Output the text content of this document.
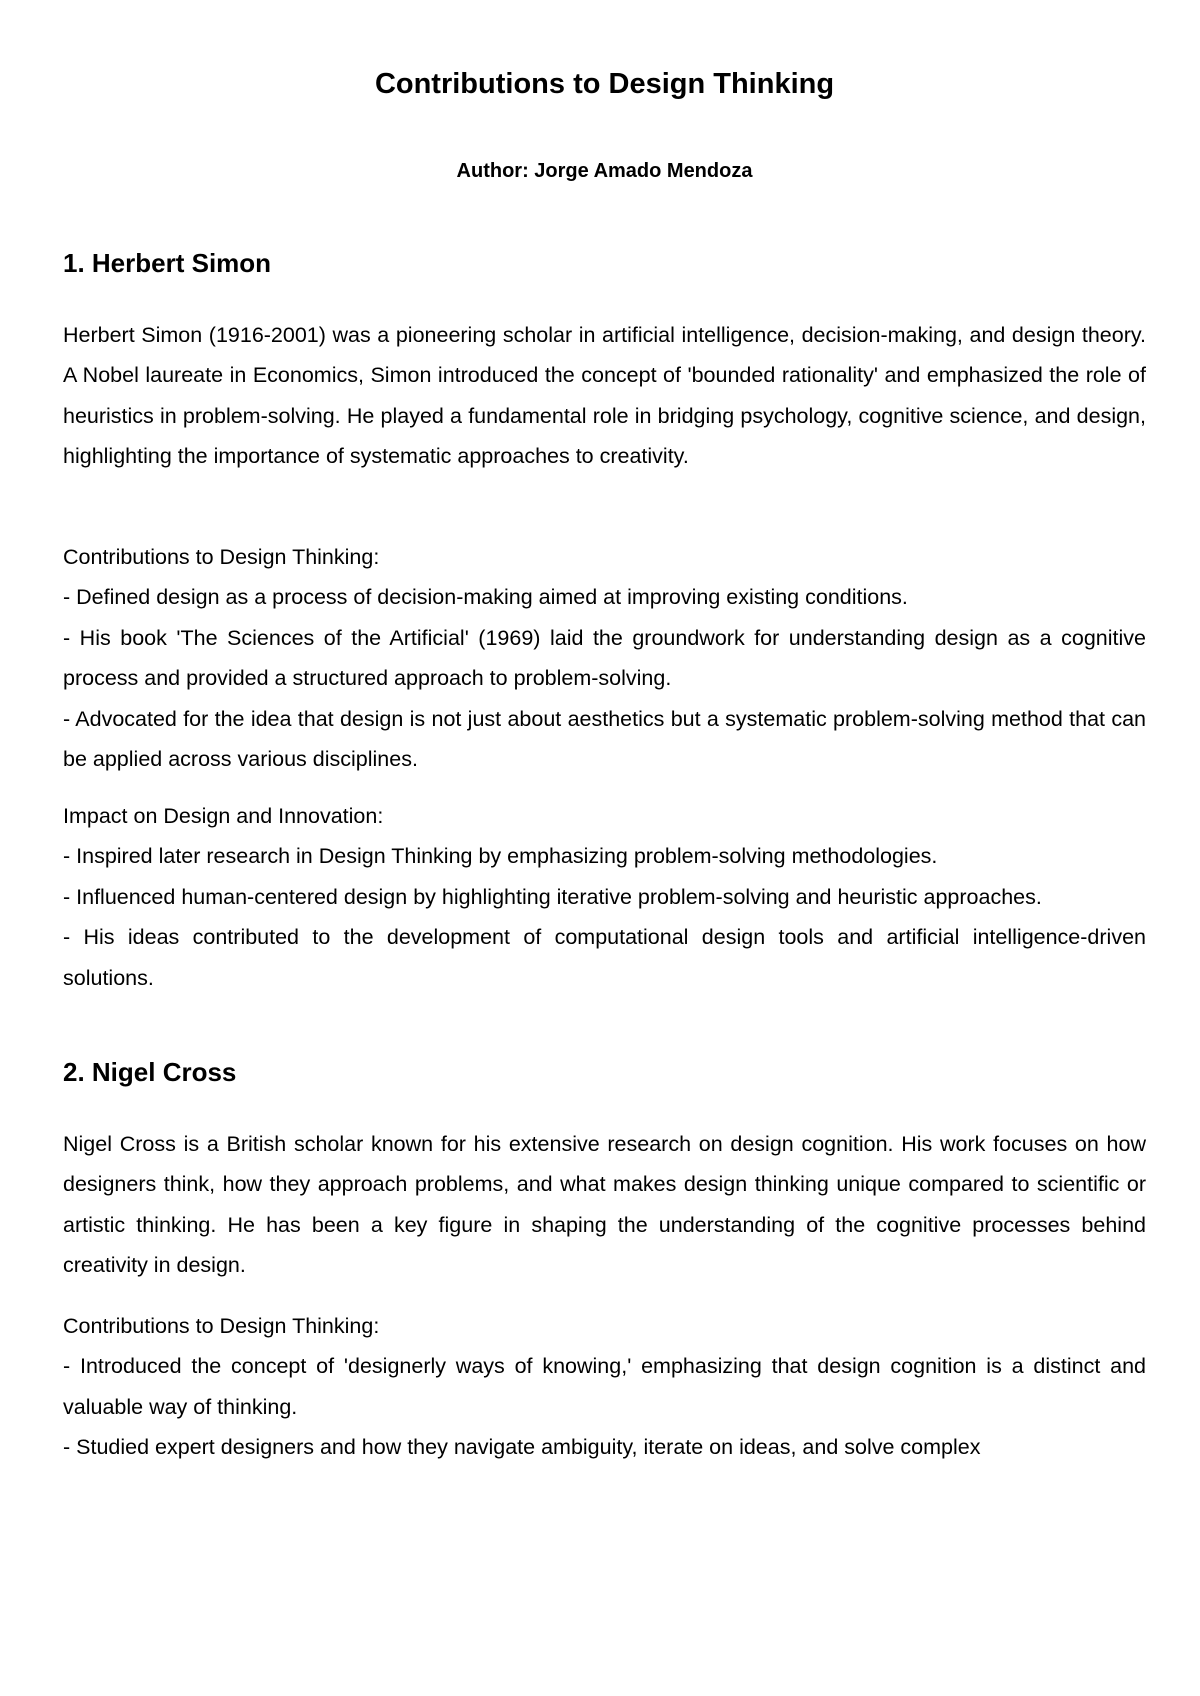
Contributions to Design Thinking

Author: Jorge Amado Mendoza

1. Herbert Simon

Herbert Simon (1916-2001) was a pioneering scholar in artificial intelligence, decision-making, and design theory. A Nobel laureate in Economics, Simon introduced the concept of 'bounded rationality' and emphasized the role of heuristics in problem-solving. He played a fundamental role in bridging psychology, cognitive science, and design, highlighting the importance of systematic approaches to creativity.

Contributions to Design Thinking:
- Defined design as a process of decision-making aimed at improving existing conditions.
- His book 'The Sciences of the Artificial' (1969) laid the groundwork for understanding design as a cognitive process and provided a structured approach to problem-solving.
- Advocated for the idea that design is not just about aesthetics but a systematic problem-solving method that can be applied across various disciplines.
Impact on Design and Innovation:
- Inspired later research in Design Thinking by emphasizing problem-solving methodologies.
- Influenced human-centered design by highlighting iterative problem-solving and heuristic approaches.
- His ideas contributed to the development of computational design tools and artificial intelligence-driven solutions.
2. Nigel Cross

Nigel Cross is a British scholar known for his extensive research on design cognition. His work focuses on how designers think, how they approach problems, and what makes design thinking unique compared to scientific or artistic thinking. He has been a key figure in shaping the understanding of the cognitive processes behind creativity in design.

Contributions to Design Thinking:
- Introduced the concept of 'designerly ways of knowing,' emphasizing that design cognition is a distinct and valuable way of thinking.
- Studied expert designers and how they navigate ambiguity, iterate on ideas, and solve complex
